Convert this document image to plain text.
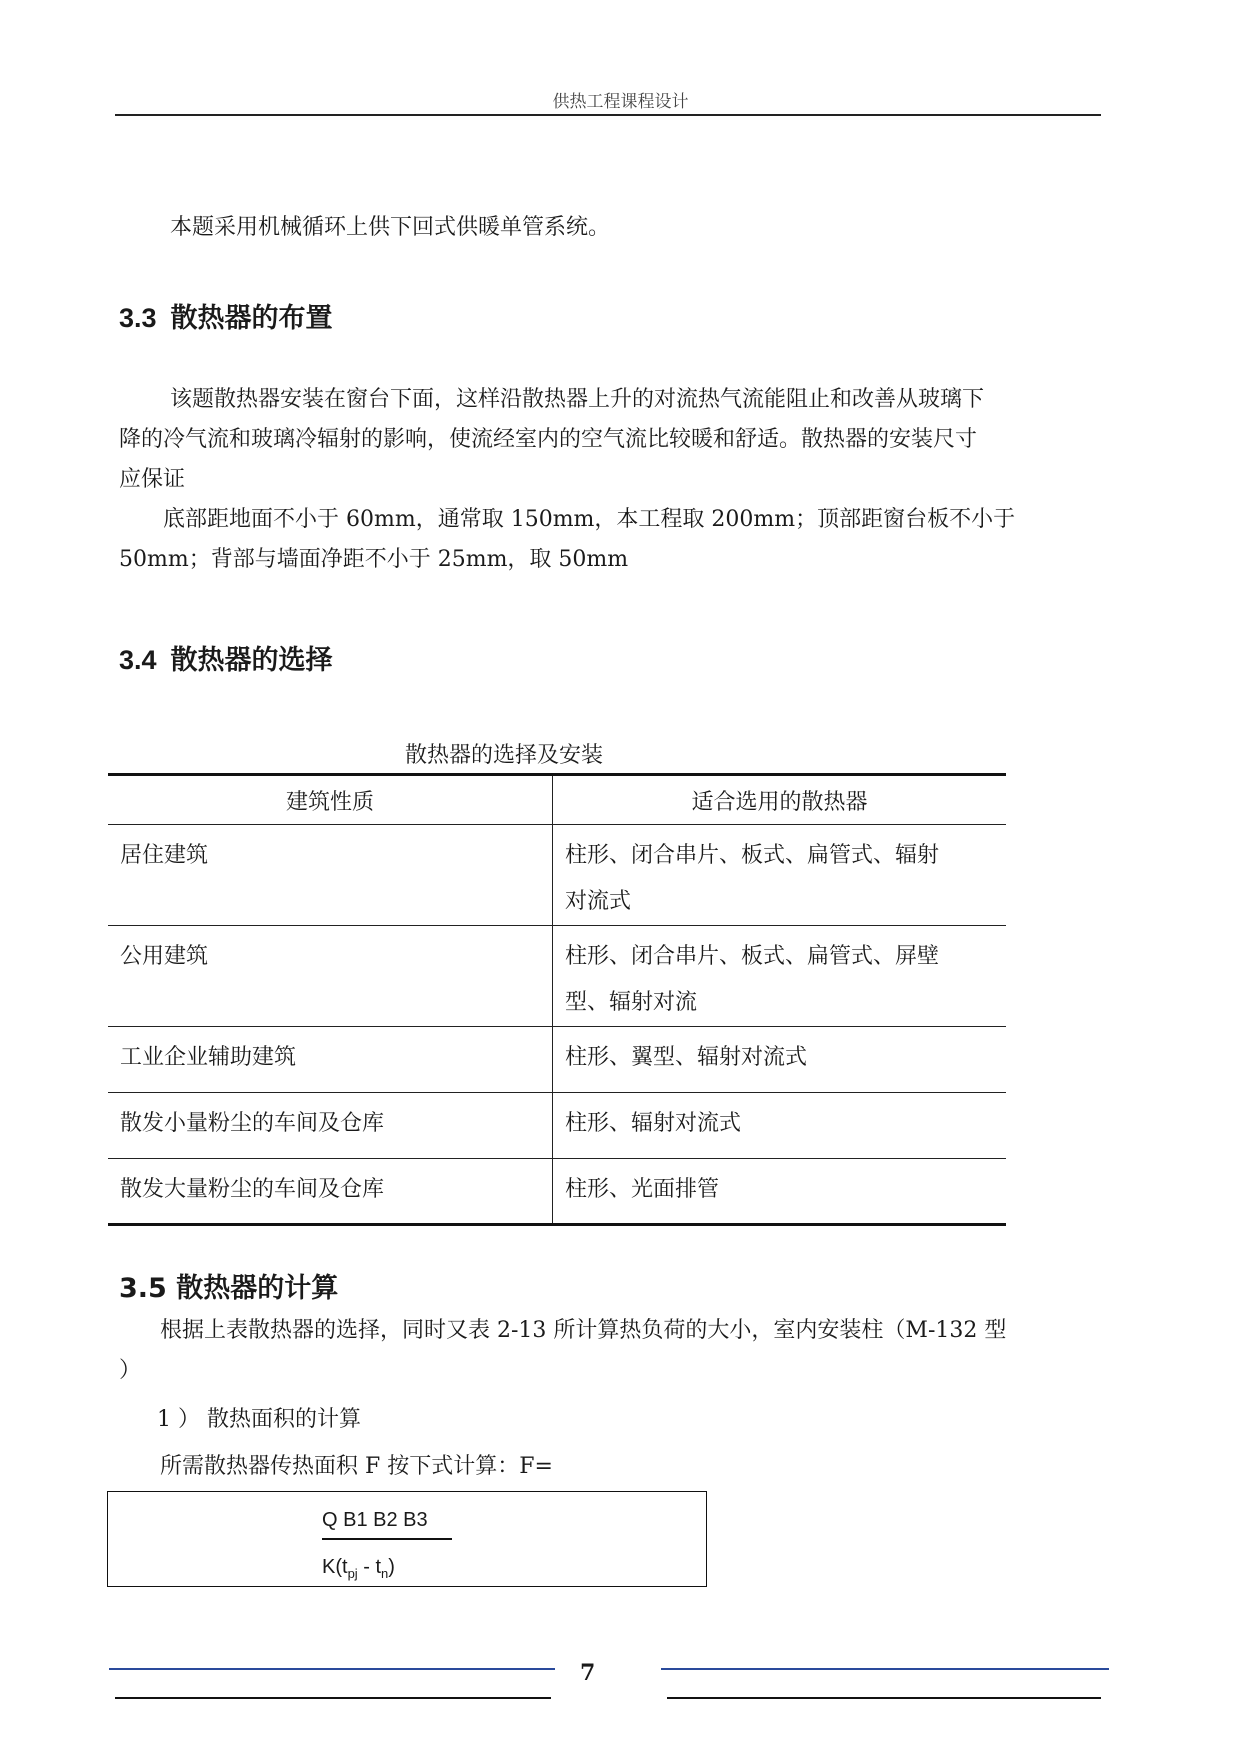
供热工程课程设计
本题采用机械循环上供下回式供暖单管系统。
3.3 散热器的布置
该题散热器安装在窗台下面，这样沿散热器上升的对流热气流能阻止和改善从玻璃下
降的冷气流和玻璃冷辐射的影响，使流经室内的空气流比较暖和舒适。散热器的安装尺寸
应保证
底部距地面不小于 60mm，通常取 150mm，本工程取 200mm；顶部距窗台板不小于
50mm；背部与墙面净距不小于 25mm，取 50mm
3.4 散热器的选择
散热器的选择及安装
建筑性质	适合选用的散热器
居住建筑	柱形、闭合串片、板式、扁管式、辐射
对流式

公用建筑	柱形、闭合串片、板式、扁管式、屏壁
型、辐射对流

工业企业辅助建筑	柱形、翼型、辐射对流式
散发小量粉尘的车间及仓库	柱形、辐射对流式
散发大量粉尘的车间及仓库	柱形、光面排管
3.5 散热器的计算
根据上表散热器的选择，同时又表 2-13 所计算热负荷的大小，室内安装柱（M-132 型
）
1 ） 散热面积的计算
所需散热器传热面积 F 按下式计算：F=
Q B1 B2 B3
$K(t_{pj} - t_n)$
7
